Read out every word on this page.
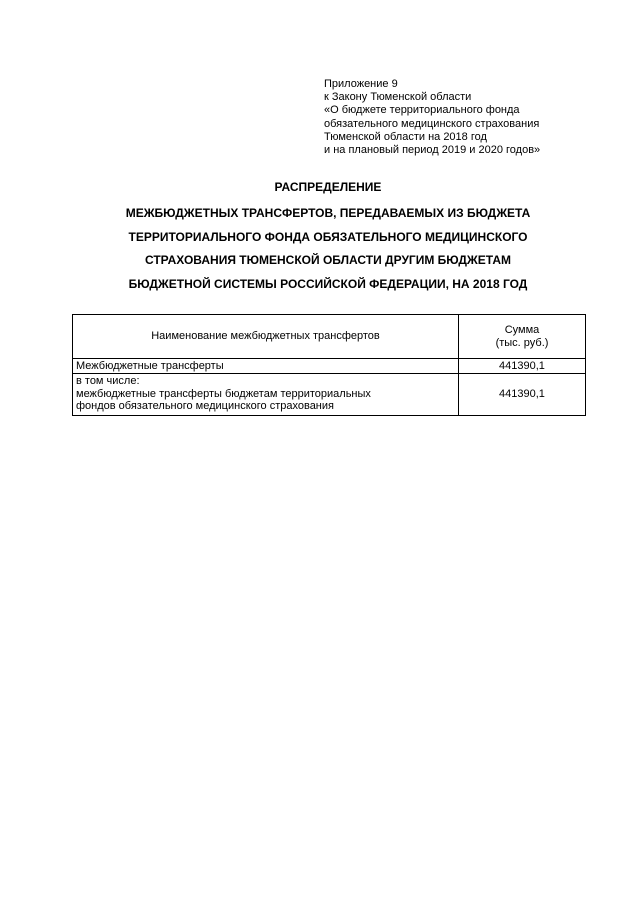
Приложение 9
к Закону Тюменской области
«О бюджете территориального фонда
обязательного медицинского страхования
Тюменской области на 2018 год
и на плановый период 2019 и 2020 годов»
РАСПРЕДЕЛЕНИЕ
МЕЖБЮДЖЕТНЫХ ТРАНСФЕРТОВ, ПЕРЕДАВАЕМЫХ ИЗ БЮДЖЕТА
ТЕРРИТОРИАЛЬНОГО ФОНДА ОБЯЗАТЕЛЬНОГО МЕДИЦИНСКОГО
СТРАХОВАНИЯ ТЮМЕНСКОЙ ОБЛАСТИ ДРУГИМ БЮДЖЕТАМ
БЮДЖЕТНОЙ СИСТЕМЫ РОССИЙСКОЙ ФЕДЕРАЦИИ, НА 2018 ГОД
Наименование межбюджетных трансфертов	Сумма
(тыс. руб.)

Межбюджетные трансферты	441390,1

в том числе:
межбюджетные трансферты бюджетам территориальных
фондов обязательного медицинского страхования	441390,1
